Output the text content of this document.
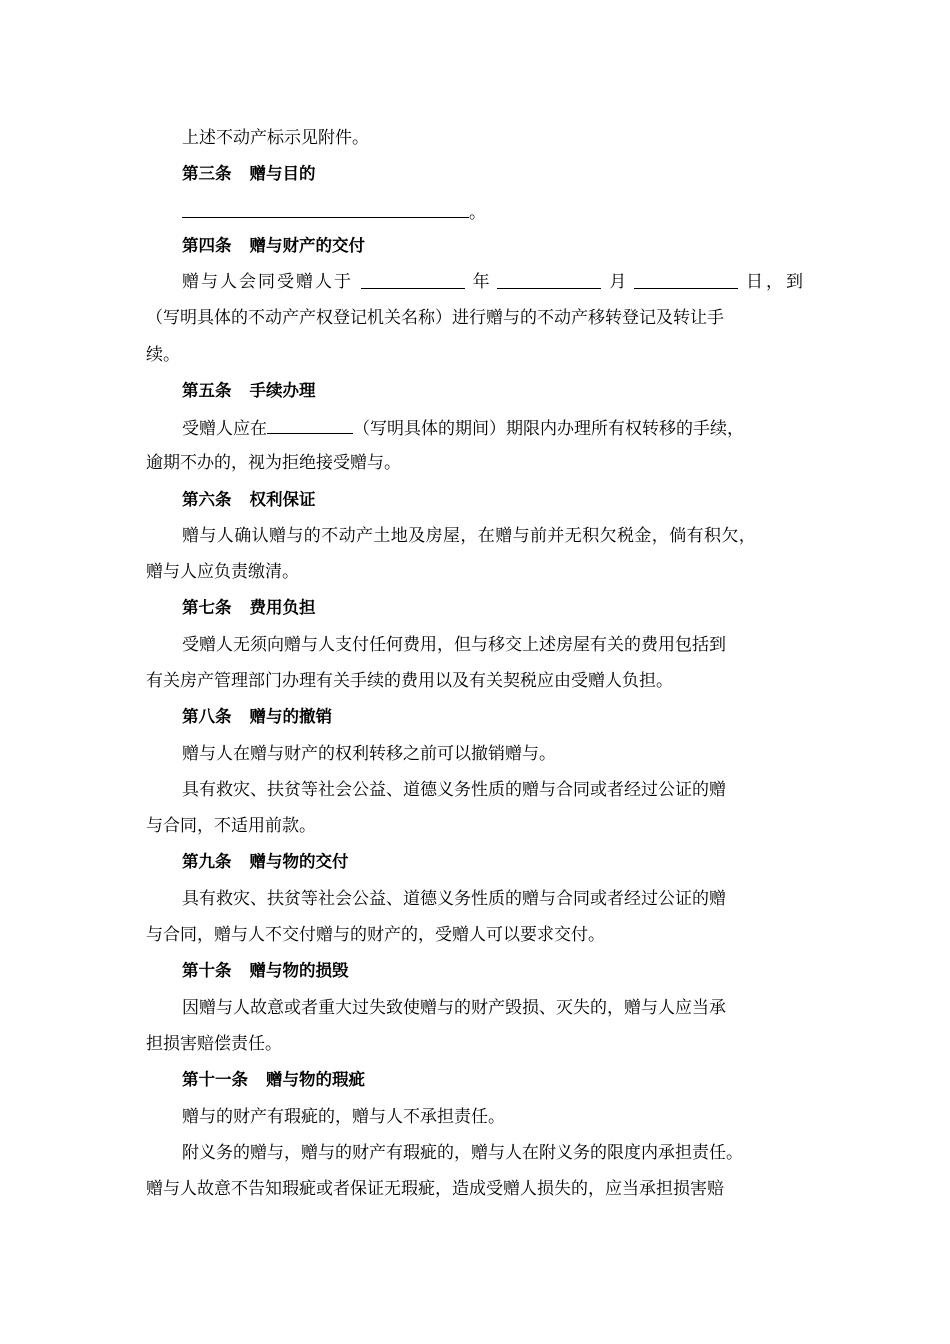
上述不动产标示见附件。
第三条 赠与目的
。
第四条 赠与财产的交付
赠与人会同受赠人于	年	月	日，到
（写明具体的不动产产权登记机关名称）进行赠与的不动产移转登记及转让手
续。
第五条 手续办理
受赠人应在	（写明具体的期间）期限内办理所有权转移的手续，
逾期不办的，视为拒绝接受赠与。
第六条 权利保证
赠与人确认赠与的不动产土地及房屋，在赠与前并无积欠税金，倘有积欠，
赠与人应负责缴清。
第七条 费用负担
受赠人无须向赠与人支付任何费用，但与移交上述房屋有关的费用包括到
有关房产管理部门办理有关手续的费用以及有关契税应由受赠人负担。
第八条 赠与的撤销
赠与人在赠与财产的权利转移之前可以撤销赠与。
具有救灾、扶贫等社会公益、道德义务性质的赠与合同或者经过公证的赠
与合同，不适用前款。
第九条 赠与物的交付
具有救灾、扶贫等社会公益、道德义务性质的赠与合同或者经过公证的赠
与合同，赠与人不交付赠与的财产的，受赠人可以要求交付。
第十条 赠与物的损毁
因赠与人故意或者重大过失致使赠与的财产毁损、灭失的，赠与人应当承
担损害赔偿责任。
第十一条 赠与物的瑕疵
赠与的财产有瑕疵的，赠与人不承担责任。
附义务的赠与，赠与的财产有瑕疵的，赠与人在附义务的限度内承担责任。
赠与人故意不告知瑕疵或者保证无瑕疵，造成受赠人损失的，应当承担损害赔
